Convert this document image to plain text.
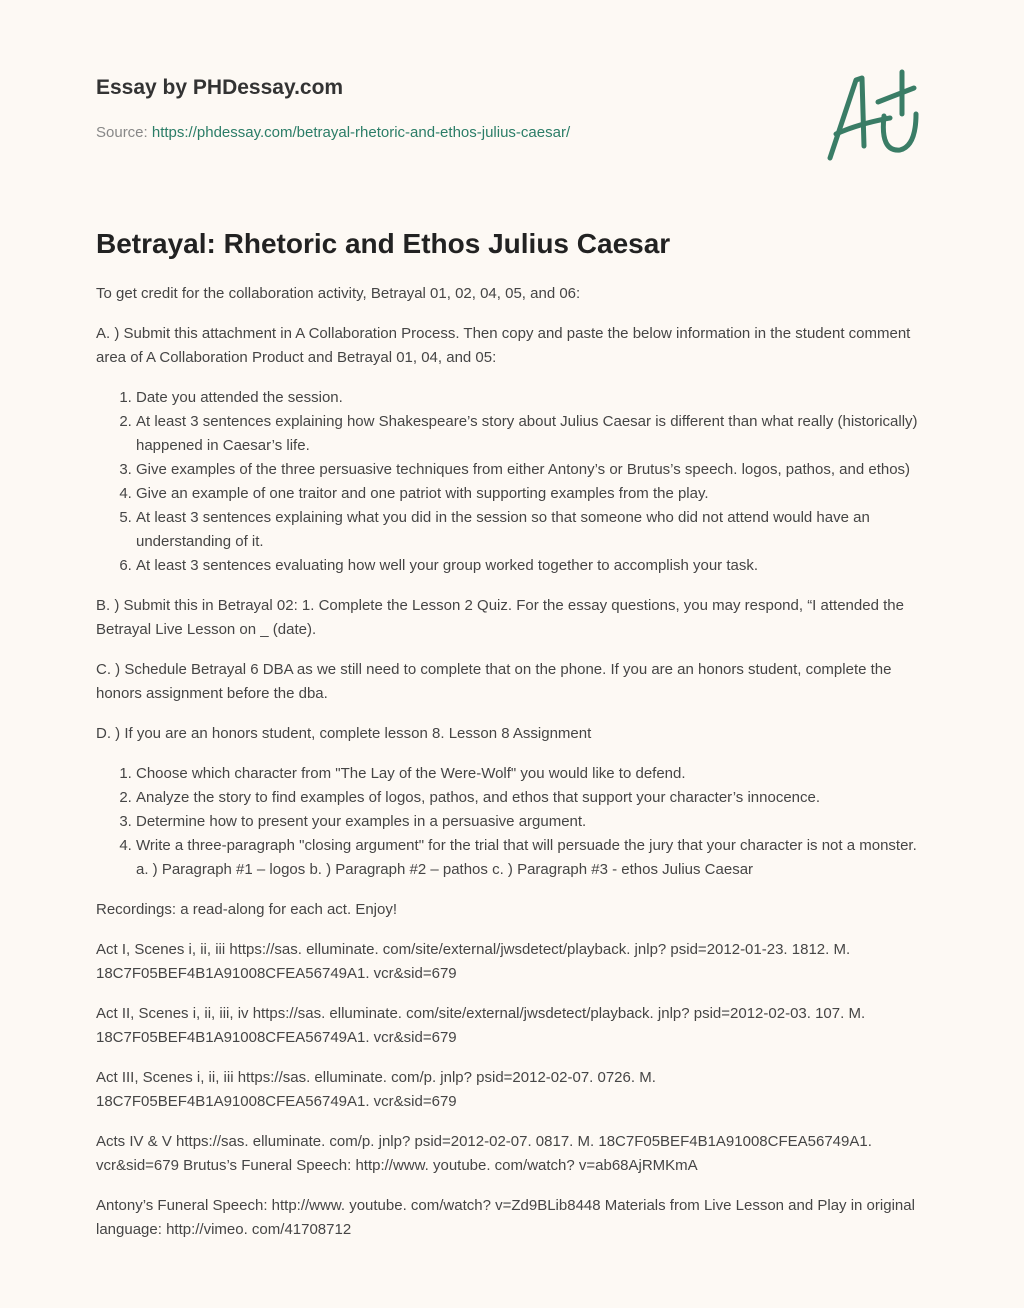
Essay by PHDessay.com
Source: https://phdessay.com/betrayal-rhetoric-and-ethos-julius-caesar/
Betrayal: Rhetoric and Ethos Julius Caesar

To get credit for the collaboration activity, Betrayal 01, 02, 04, 05, and 06:

A. ) Submit this attachment in A Collaboration Process. Then copy and paste the below information in the student comment area of A Collaboration Product and Betrayal 01, 04, and 05:

1. Date you attended the session.
2. At least 3 sentences explaining how Shakespeare’s story about Julius Caesar is different than what really (historically) happened in Caesar’s life.
3. Give examples of the three persuasive techniques from either Antony’s or Brutus’s speech. logos, pathos, and ethos)
4. Give an example of one traitor and one patriot with supporting examples from the play.
5. At least 3 sentences explaining what you did in the session so that someone who did not attend would have an understanding of it.
6. At least 3 sentences evaluating how well your group worked together to accomplish your task.

B. ) Submit this in Betrayal 02: 1. Complete the Lesson 2 Quiz. For the essay questions, you may respond, “I attended the Betrayal Live Lesson on _ (date).

C. ) Schedule Betrayal 6 DBA as we still need to complete that on the phone. If you are an honors student, complete the honors assignment before the dba.

D. ) If you are an honors student, complete lesson 8. Lesson 8 Assignment

1. Choose which character from "The Lay of the Were-Wolf" you would like to defend.
2. Analyze the story to find examples of logos, pathos, and ethos that support your character’s innocence.
3. Determine how to present your examples in a persuasive argument.
4. Write a three-paragraph "closing argument" for the trial that will persuade the jury that your character is not a monster. a. ) Paragraph #1 – logos b. ) Paragraph #2 – pathos c. ) Paragraph #3 - ethos Julius Caesar

Recordings: a read-along for each act. Enjoy!

Act I, Scenes i, ii, iii https://sas. elluminate. com/site/external/jwsdetect/playback. jnlp? psid=2012-01-23. 1812. M. 18C7F05BEF4B1A91008CFEA56749A1. vcr&sid=679

Act II, Scenes i, ii, iii, iv https://sas. elluminate. com/site/external/jwsdetect/playback. jnlp? psid=2012-02-03. 107. M. 18C7F05BEF4B1A91008CFEA56749A1. vcr&sid=679

Act III, Scenes i, ii, iii https://sas. elluminate. com/p. jnlp? psid=2012-02-07. 0726. M. 18C7F05BEF4B1A91008CFEA56749A1. vcr&sid=679

Acts IV & V https://sas. elluminate. com/p. jnlp? psid=2012-02-07. 0817. M. 18C7F05BEF4B1A91008CFEA56749A1. vcr&sid=679 Brutus’s Funeral Speech: http://www. youtube. com/watch? v=ab68AjRMKmA

Antony’s Funeral Speech: http://www. youtube. com/watch? v=Zd9BLib8448 Materials from Live Lesson and Play in original language: http://vimeo. com/41708712
